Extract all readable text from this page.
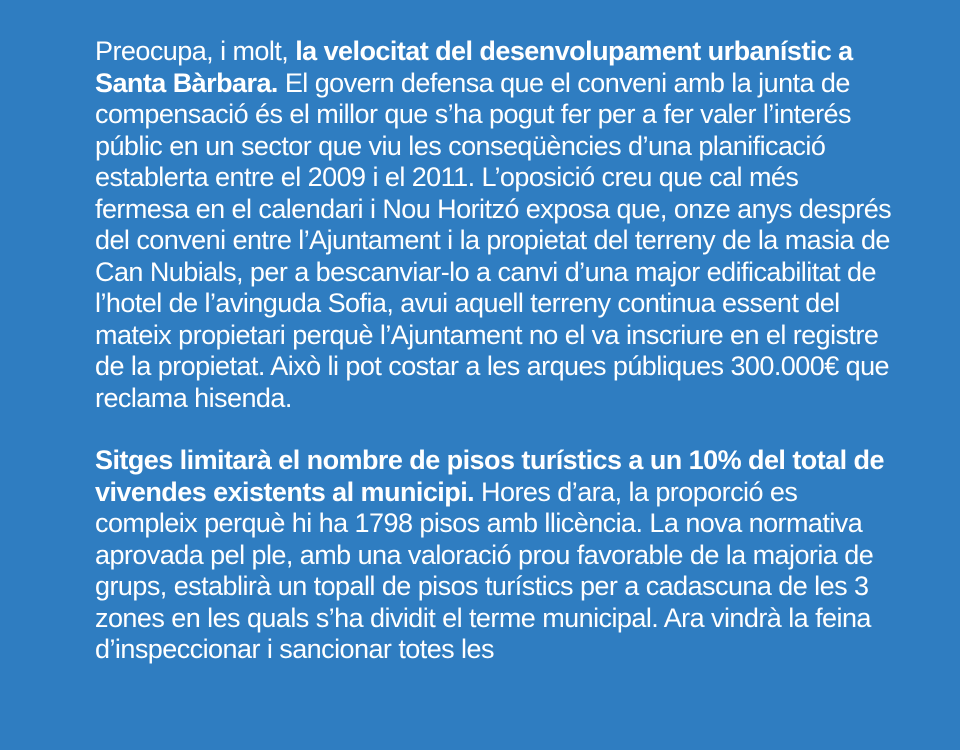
Preocupa, i molt, la velocitat del desenvolupament urbanístic a Santa Bàrbara. El govern defensa que el conveni amb la junta de compensació és el millor que s’ha pogut fer per a fer valer l’interés públic en un sector que viu les conseqüències d’una planificació establerta entre el 2009 i el 2011. L’oposició creu que cal més fermesa en el calendari i Nou Horitzó exposa que, onze anys després del conveni entre l’Ajuntament i la propietat del terreny de la masia de Can Nubials, per a bescanviar-lo a canvi d’una major edificabilitat de l’hotel de l’avinguda Sofia, avui aquell terreny continua essent del mateix propietari perquè l’Ajuntament no el va inscriure en el registre de la propietat. Això li pot costar a les arques públiques 300.000€ que reclama hisenda.

Sitges limitarà el nombre de pisos turístics a un 10% del total de vivendes existents al municipi. Hores d’ara, la proporció es compleix perquè hi ha 1798 pisos amb llicència. La nova normativa aprovada pel ple, amb una valoració prou favorable de la majoria de grups, establirà un topall de pisos turístics per a cadascuna de les 3 zones en les quals s’ha dividit el terme municipal. Ara vindrà la feina d’inspeccionar i sancionar totes les
